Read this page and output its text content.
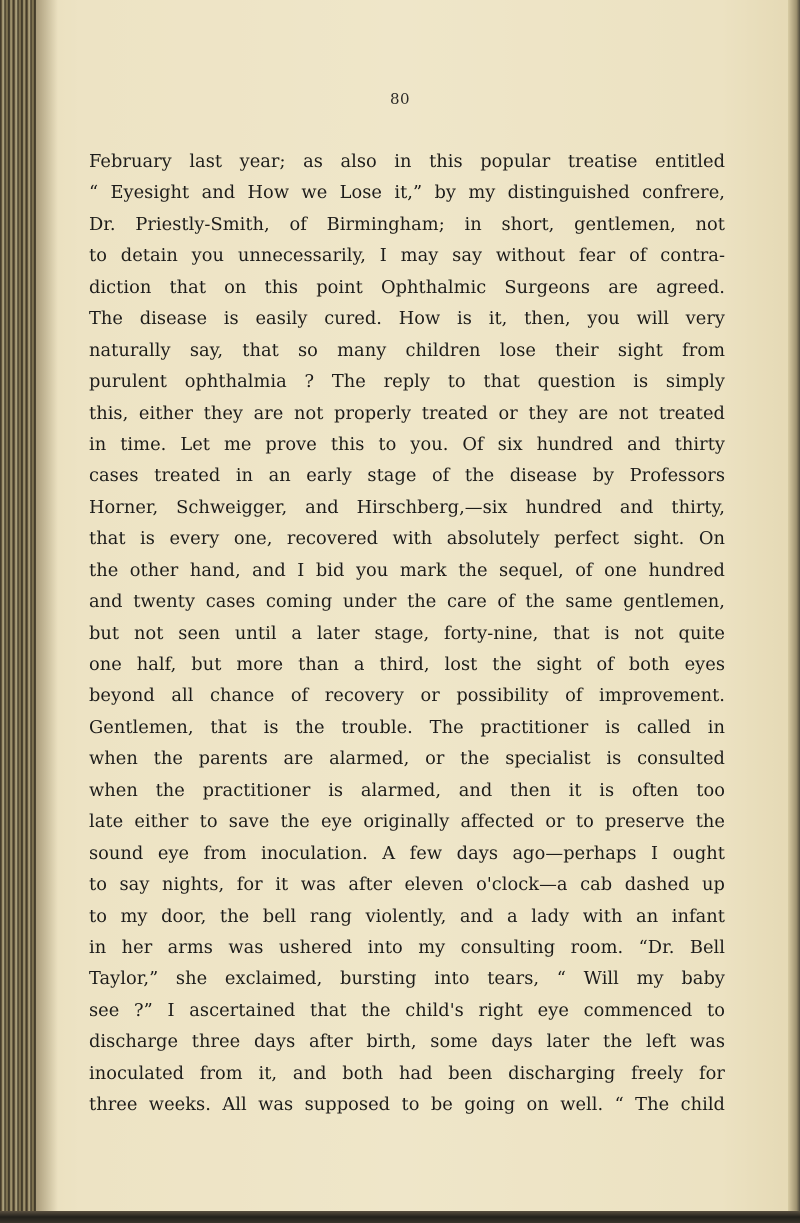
80
February last year; as also in this popular treatise entitled
“ Eyesight and How we Lose it,” by my distinguished confrere,
Dr. Priestly-Smith, of Birmingham; in short, gentlemen, not
to detain you unnecessarily, I may say without fear of contra-
diction that on this point Ophthalmic Surgeons are agreed.
The disease is easily cured. How is it, then, you will very
naturally say, that so many children lose their sight from
purulent ophthalmia ? The reply to that question is simply
this, either they are not properly treated or they are not treated
in time. Let me prove this to you. Of six hundred and thirty
cases treated in an early stage of the disease by Professors
Horner, Schweigger, and Hirschberg,—six hundred and thirty,
that is every one, recovered with absolutely perfect sight. On
the other hand, and I bid you mark the sequel, of one hundred
and twenty cases coming under the care of the same gentlemen,
but not seen until a later stage, forty-nine, that is not quite
one half, but more than a third, lost the sight of both eyes
beyond all chance of recovery or possibility of improvement.
Gentlemen, that is the trouble. The practitioner is called in
when the parents are alarmed, or the specialist is consulted
when the practitioner is alarmed, and then it is often too
late either to save the eye originally affected or to preserve the
sound eye from inoculation. A few days ago—perhaps I ought
to say nights, for it was after eleven o'clock—a cab dashed up
to my door, the bell rang violently, and a lady with an infant
in her arms was ushered into my consulting room. “Dr. Bell
Taylor,” she exclaimed, bursting into tears, “ Will my baby
see ?” I ascertained that the child's right eye commenced to
discharge three days after birth, some days later the left was
inoculated from it, and both had been discharging freely for
three weeks. All was supposed to be going on well. “ The child
